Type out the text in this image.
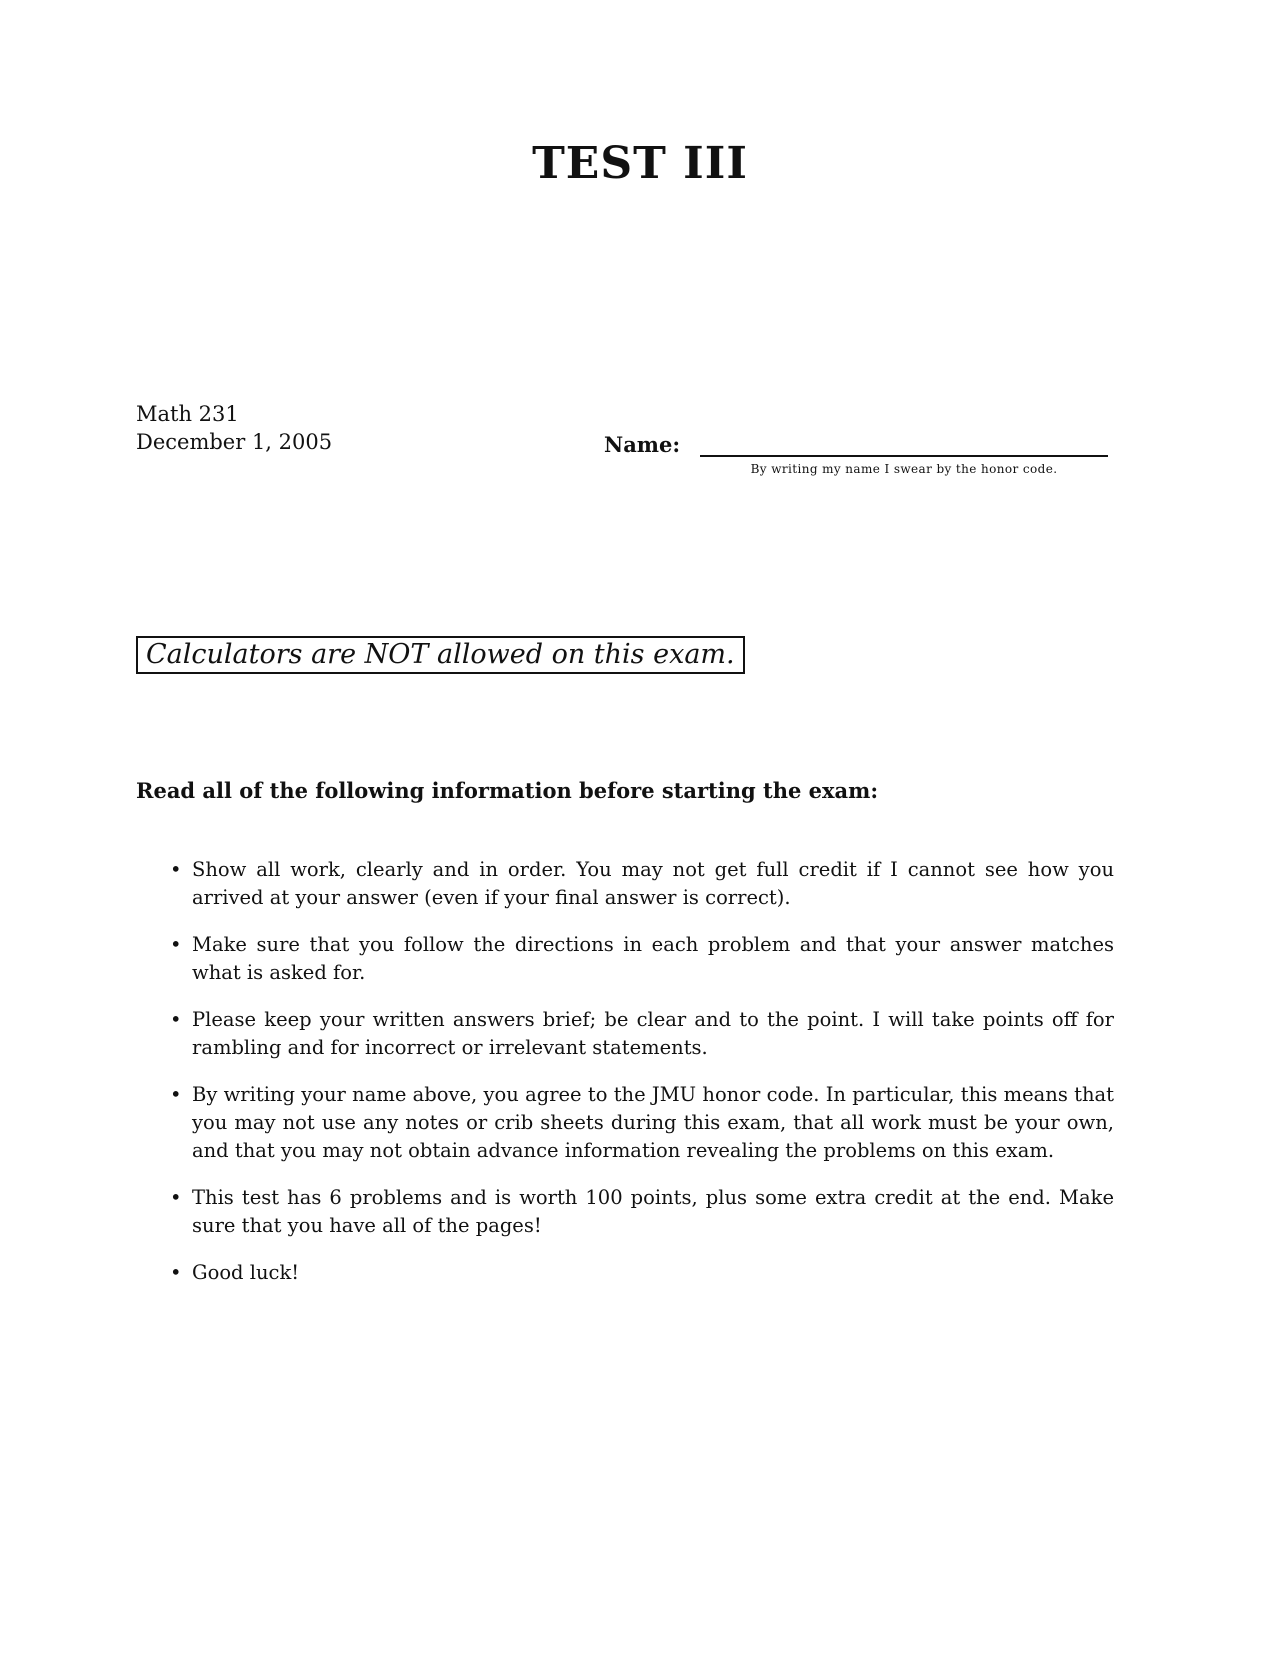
TEST III
Math 231
December 1, 2005	Name:
By writing my name I swear by the honor code.
Calculators are NOT allowed on this exam.
Read all of the following information before starting the exam:
• Show all work, clearly and in order. You may not get full credit if I cannot see how you arrived at your answer (even if your final answer is correct).
• Make sure that you follow the directions in each problem and that your answer matches what is asked for.
• Please keep your written answers brief; be clear and to the point. I will take points off for rambling and for incorrect or irrelevant statements.
• By writing your name above, you agree to the JMU honor code. In particular, this means that you may not use any notes or crib sheets during this exam, that all work must be your own, and that you may not obtain advance information revealing the problems on this exam.
• This test has 6 problems and is worth 100 points, plus some extra credit at the end. Make sure that you have all of the pages!
• Good luck!
